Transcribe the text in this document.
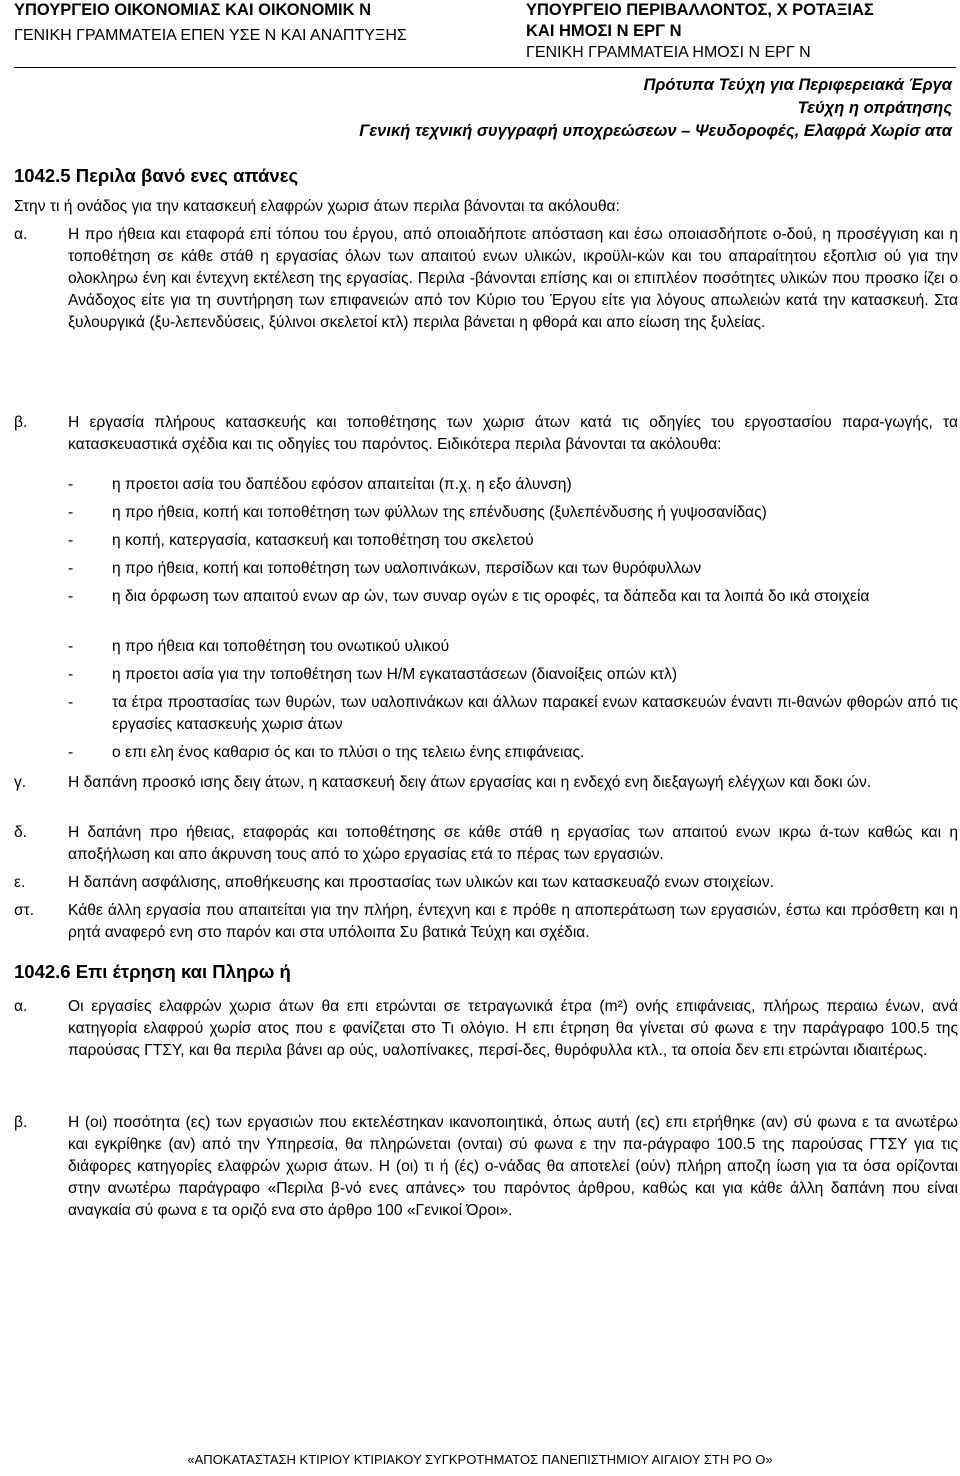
ΥΠΟΥΡΓΕΙΟ ΟΙΚΟΝΟΜΙΑΣ ΚΑΙ ΟΙΚΟΝΟΜΙΚ Ν
ΓΕΝΙΚΗ ΓΡΑΜΜΑΤΕΙΑ ΕΠΕΝ ΥΣΕ Ν ΚΑΙ ΑΝΑΠΤΥΞΗΣ
ΥΠΟΥΡΓΕΙΟ ΠΕΡΙΒΑΛΛΟΝΤΟΣ, Χ ΡΟΤΑΞΙΑΣ
ΚΑΙ ΗΜΟΣΙ Ν ΕΡΓ Ν
ΓΕΝΙΚΗ ΓΡΑΜΜΑΤΕΙΑ ΗΜΟΣΙ Ν ΕΡΓ Ν
Πρότυπα Τεύχη για Περιφερειακά Έργα
Τεύχη η οπράτησης
Γενική τεχνική συγγραφή υποχρεώσεων – Ψευδοροφές, Ελαφρά Χωρίσ ατα
1042.5 Περιλα βανό ενες απάνες
Στην τι ή ονάδος για την κατασκευή ελαφρών χωρισ άτων περιλα βάνονται τα ακόλουθα:
α.	Η προ ήθεια και εταφορά επί τόπου του έργου, από οποιαδήποτε απόσταση και έσω οποιασδήποτε ο-δού, η προσέγγιση και η τοποθέτηση σε κάθε στάθ η εργασίας όλων των απαιτού ενων υλικών, ικροϋλι-κών και του απαραίτητου εξοπλισ ού για την ολοκληρω ένη και έντεχνη εκτέλεση της εργασίας. Περιλα -βάνονται επίσης και οι επιπλέον ποσότητες υλικών που προσκο ίζει ο Ανάδοχος είτε για τη συντήρηση των επιφανειών από τον Κύριο του Έργου είτε για λόγους απωλειών κατά την κατασκευή. Στα ξυλουργικά (ξυ-λεπενδύσεις, ξύλινοι σκελετοί κτλ) περιλα βάνεται η φθορά και απο είωση της ξυλείας.
β.	Η εργασία πλήρους κατασκευής και τοποθέτησης των χωρισ άτων κατά τις οδηγίες του εργοστασίου παρα-γωγής, τα κατασκευαστικά σχέδια και τις οδηγίες του παρόντος. Ειδικότερα περιλα βάνονται τα ακόλουθα:
- η προετοι ασία του δαπέδου εφόσον απαιτείται (π.χ. η εξο άλυνση)
- η προ ήθεια, κοπή και τοποθέτηση των φύλλων της επένδυσης (ξυλεπένδυσης ή γυψοσανίδας)
- η κοπή, κατεργασία, κατασκευή και τοποθέτηση του σκελετού
- η προ ήθεια, κοπή και τοποθέτηση των υαλοπινάκων, περσίδων και των θυρόφυλλων
- η δια όρφωση των απαιτού ενων αρ ών, των συναρ ογών ε τις οροφές, τα δάπεδα και τα λοιπά δο ικά στοιχεία
- η προ ήθεια και τοποθέτηση του ονωτικού υλικού
- η προετοι ασία για την τοποθέτηση των Η/Μ εγκαταστάσεων (διανοίξεις οπών κτλ)
- τα έτρα προστασίας των θυρών, των υαλοπινάκων και άλλων παρακεί ενων κατασκευών έναντι πι-θανών φθορών από τις εργασίες κατασκευής χωρισ άτων
- ο επι ελη ένος καθαρισ ός και το πλύσι ο της τελειω ένης επιφάνειας.
γ.	Η δαπάνη προσκό ισης δειγ άτων, η κατασκευή δειγ άτων εργασίας και η ενδεχό ενη διεξαγωγή ελέγχων και δοκι ών.
δ.	Η δαπάνη προ ήθειας, εταφοράς και τοποθέτησης σε κάθε στάθ η εργασίας των απαιτού ενων ικρω ά-των καθώς και η αποξήλωση και απο άκρυνση τους από το χώρο εργασίας ετά το πέρας των εργασιών.
ε.	Η δαπάνη ασφάλισης, αποθήκευσης και προστασίας των υλικών και των κατασκευαζό ενων στοιχείων.
στ. Κάθε άλλη εργασία που απαιτείται για την πλήρη, έντεχνη και ε πρόθε η αποπεράτωση των εργασιών, έστω και πρόσθετη και η ρητά αναφερό ενη στο παρόν και στα υπόλοιπα Συ βατικά Τεύχη και σχέδια.
1042.6 Επι έτρηση και Πληρω ή
α.	Οι εργασίες ελαφρών χωρισ άτων θα επι ετρώνται σε τετραγωνικά έτρα (m²) ονής επιφάνειας, πλήρως περαιω ένων, ανά κατηγορία ελαφρού χωρίσ ατος που ε φανίζεται στο Τι ολόγιο. Η επι έτρηση θα γίνεται σύ φωνα ε την παράγραφο 100.5 της παρούσας ΓΤΣΥ, και θα περιλα βάνει αρ ούς, υαλοπίνακες, περσί-δες, θυρόφυλλα κτλ., τα οποία δεν επι ετρώνται ιδιαιτέρως.
β.	Η (οι) ποσότητα (ες) των εργασιών που εκτελέστηκαν ικανοποιητικά, όπως αυτή (ες) επι ετρήθηκε (αν) σύ φωνα ε τα ανωτέρω και εγκρίθηκε (αν) από την Υπηρεσία, θα πληρώνεται (ονται) σύ φωνα ε την πα-ράγραφο 100.5 της παρούσας ΓΤΣΥ για τις διάφορες κατηγορίες ελαφρών χωρισ άτων. Η (οι) τι ή (ές) ο-νάδας θα αποτελεί (ούν) πλήρη αποζη ίωση για τα όσα ορίζονται στην ανωτέρω παράγραφο «Περιλα β-νό ενες απάνες» του παρόντος άρθρου, καθώς και για κάθε άλλη δαπάνη που είναι αναγκαία σύ φωνα ε τα οριζό ενα στο άρθρο 100 «Γενικοί Όροι».
«ΑΠΟΚΑΤΑΣΤΑΣΗ ΚΤΙΡΙΟΥ ΚΤΙΡΙΑΚΟΥ ΣΥΓΚΡΟΤΗΜΑΤΟΣ ΠΑΝΕΠΙΣΤΗΜΙΟΥ ΑΙΓΑΙΟΥ ΣΤΗ ΡΟ Ο»
